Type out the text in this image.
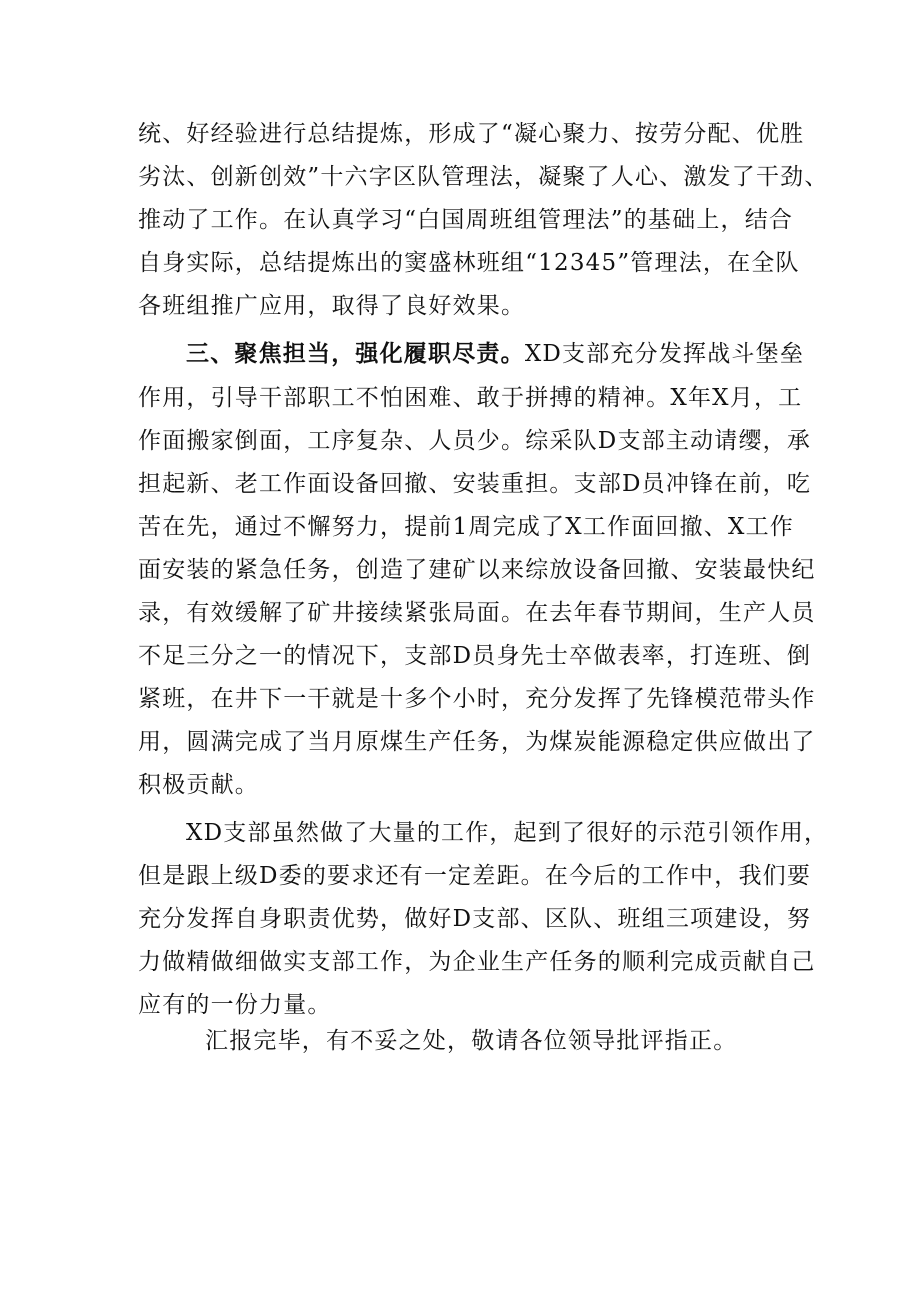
统、好经验进行总结提炼，形成了“凝心聚力、按劳分配、优胜
劣汰、创新创效”十六字区队管理法，凝聚了人心、激发了干劲、
推动了工作。在认真学习“白国周班组管理法”的基础上，结合
自身实际，总结提炼出的窦盛林班组“12345”管理法，在全队
各班组推广应用，取得了良好效果。
三、聚焦担当，强化履职尽责。XD支部充分发挥战斗堡垒
作用，引导干部职工不怕困难、敢于拼搏的精神。X年X月，工
作面搬家倒面，工序复杂、人员少。综采队D支部主动请缨，承
担起新、老工作面设备回撤、安装重担。支部D员冲锋在前，吃
苦在先，通过不懈努力，提前1周完成了X工作面回撤、X工作
面安装的紧急任务，创造了建矿以来综放设备回撤、安装最快纪
录，有效缓解了矿井接续紧张局面。在去年春节期间，生产人员
不足三分之一的情况下，支部D员身先士卒做表率，打连班、倒
紧班，在井下一干就是十多个小时，充分发挥了先锋模范带头作
用，圆满完成了当月原煤生产任务，为煤炭能源稳定供应做出了
积极贡献。
XD支部虽然做了大量的工作，起到了很好的示范引领作用，
但是跟上级D委的要求还有一定差距。在今后的工作中，我们要
充分发挥自身职责优势，做好D支部、区队、班组三项建设，努
力做精做细做实支部工作，为企业生产任务的顺利完成贡献自己
应有的一份力量。
汇报完毕，有不妥之处，敬请各位领导批评指正。
